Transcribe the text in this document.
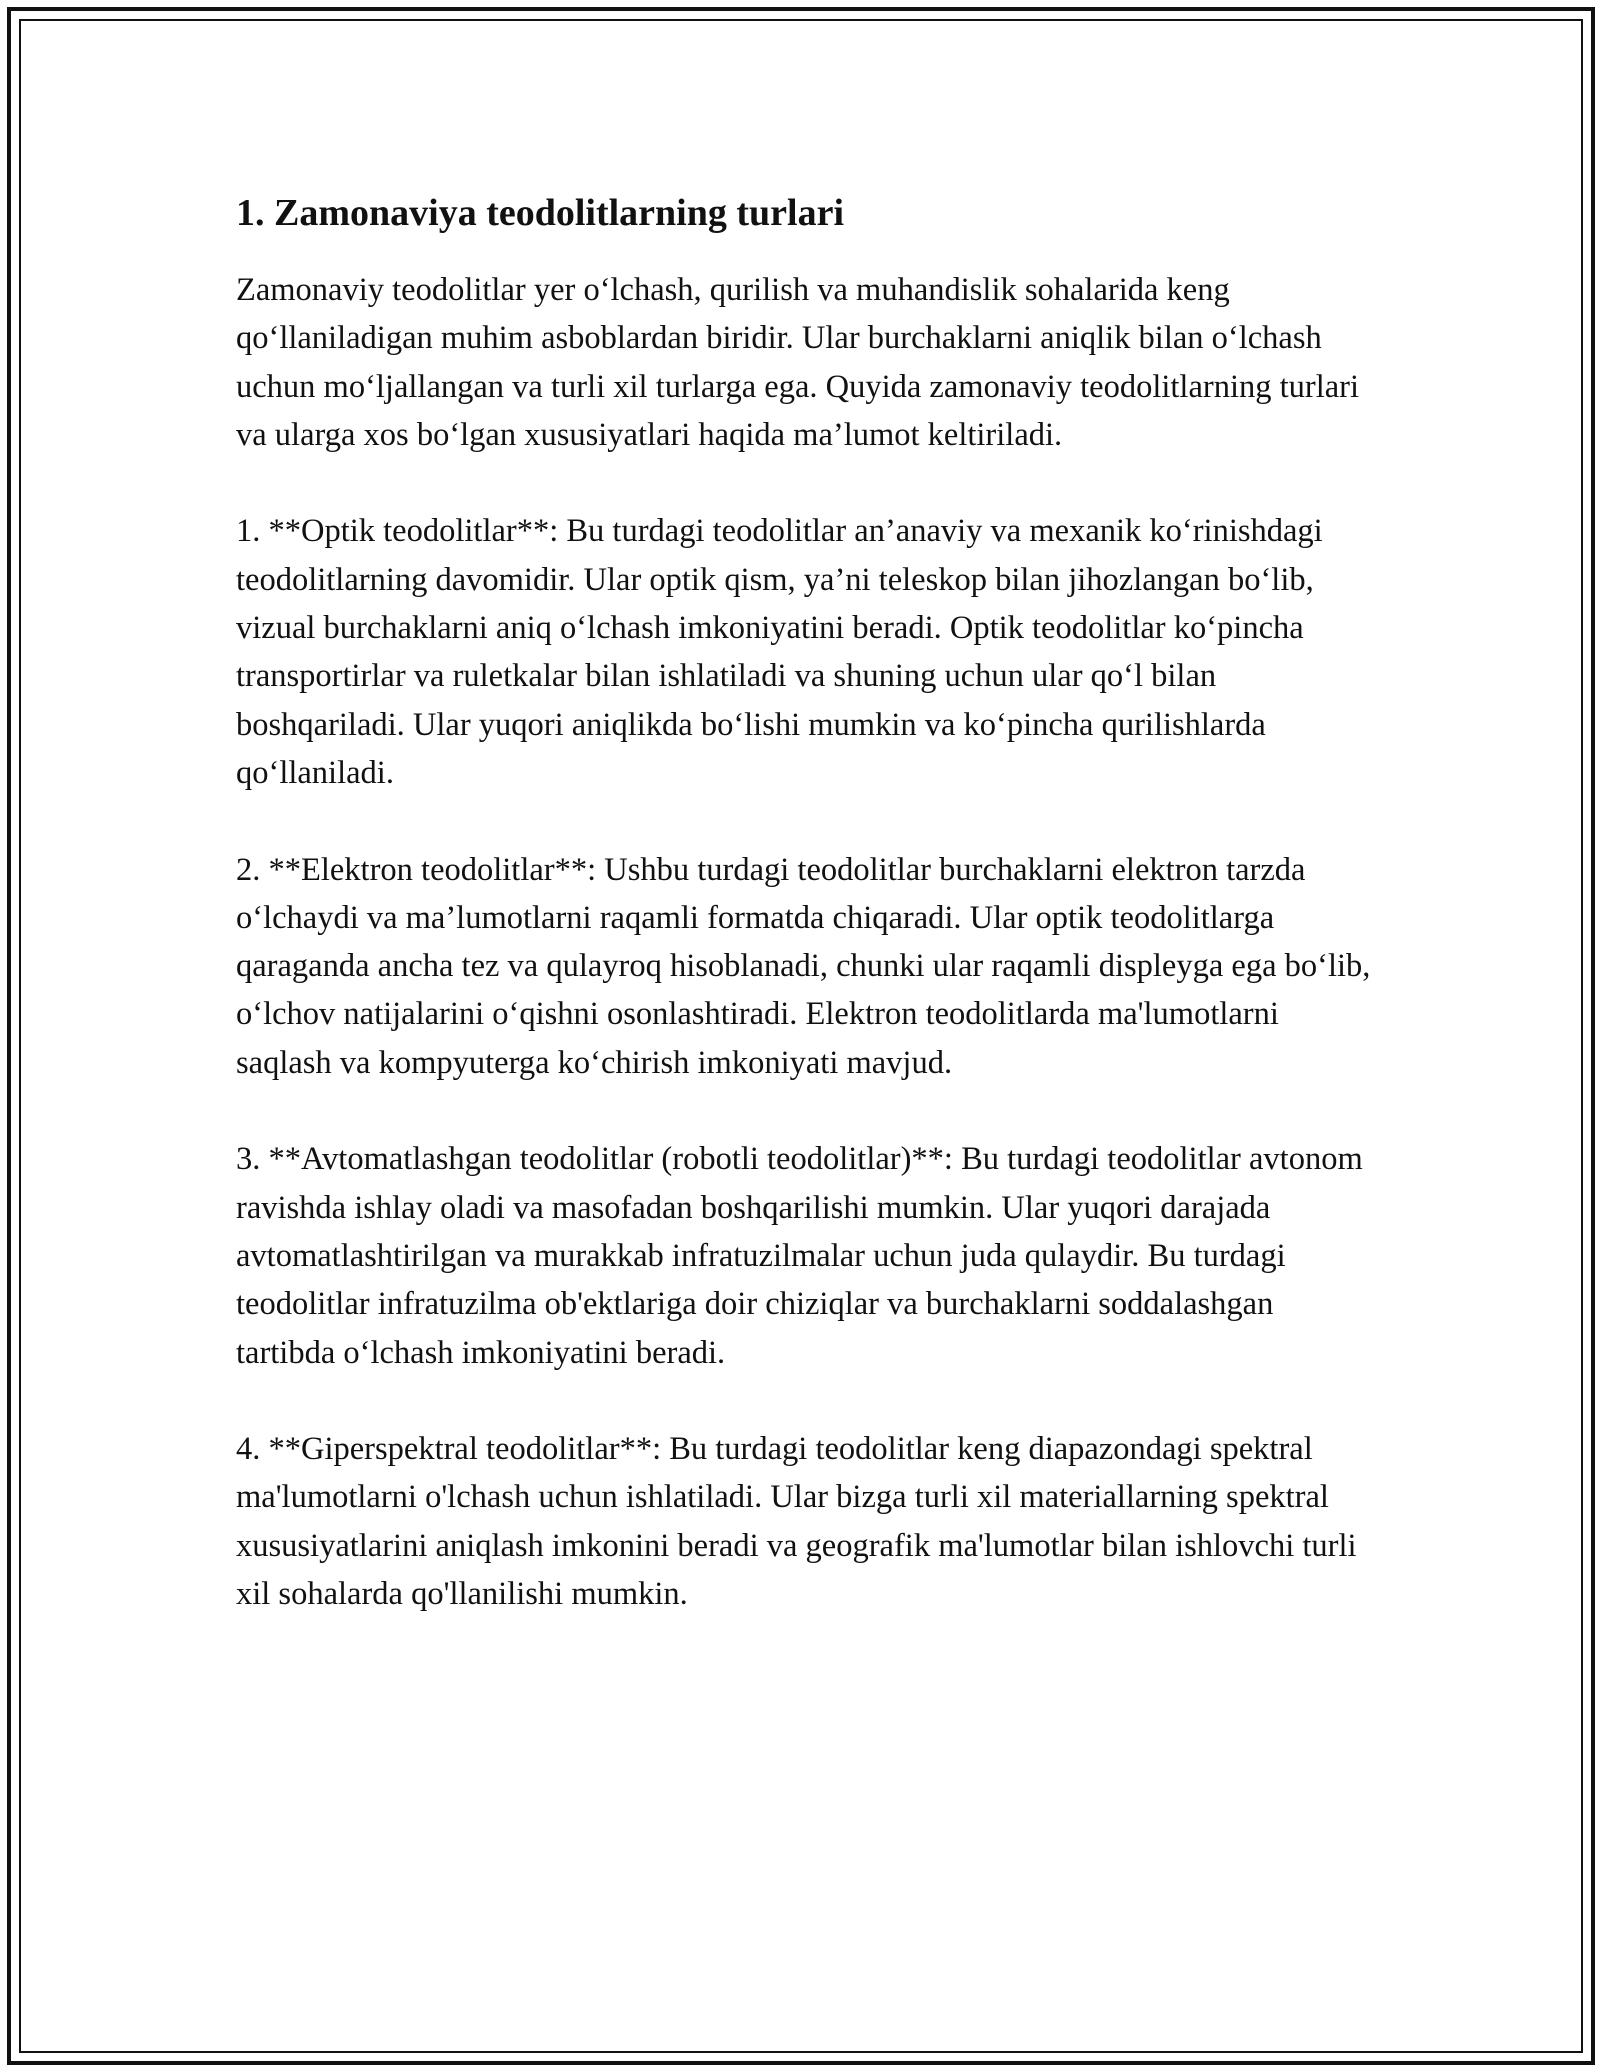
1. Zamonaviya teodolitlarning turlari

Zamonaviy teodolitlar yer o‘lchash, qurilish va muhandislik sohalarida keng qo‘llaniladigan muhim asboblardan biridir. Ular burchaklarni aniqlik bilan o‘lchash uchun mo‘ljallangan va turli xil turlarga ega. Quyida zamonaviy teodolitlarning turlari va ularga xos bo‘lgan xususiyatlari haqida ma’lumot keltiriladi.

1. **Optik teodolitlar**: Bu turdagi teodolitlar an’anaviy va mexanik ko‘rinishdagi teodolitlarning davomidir. Ular optik qism, ya’ni teleskop bilan jihozlangan bo‘lib, vizual burchaklarni aniq o‘lchash imkoniyatini beradi. Optik teodolitlar ko‘pincha transportirlar va ruletkalar bilan ishlatiladi va shuning uchun ular qo‘l bilan boshqariladi. Ular yuqori aniqlikda bo‘lishi mumkin va ko‘pincha qurilishlarda qo‘llaniladi.

2. **Elektron teodolitlar**: Ushbu turdagi teodolitlar burchaklarni elektron tarzda o‘lchaydi va ma’lumotlarni raqamli formatda chiqaradi. Ular optik teodolitlarga qaraganda ancha tez va qulayroq hisoblanadi, chunki ular raqamli displeyga ega bo‘lib, o‘lchov natijalarini o‘qishni osonlashtiradi. Elektron teodolitlarda ma'lumotlarni saqlash va kompyuterga ko‘chirish imkoniyati mavjud.

3. **Avtomatlashgan teodolitlar (robotli teodolitlar)**: Bu turdagi teodolitlar avtonom ravishda ishlay oladi va masofadan boshqarilishi mumkin. Ular yuqori darajada avtomatlashtirilgan va murakkab infratuzilmalar uchun juda qulaydir. Bu turdagi teodolitlar infratuzilma ob'ektlariga doir chiziqlar va burchaklarni soddalashgan tartibda o‘lchash imkoniyatini beradi.

4. **Giperspektral teodolitlar**: Bu turdagi teodolitlar keng diapazondagi spektral ma'lumotlarni o'lchash uchun ishlatiladi. Ular bizga turli xil materiallarning spektral xususiyatlarini aniqlash imkonini beradi va geografik ma'lumotlar bilan ishlovchi turli xil sohalarda qo'llanilishi mumkin.
